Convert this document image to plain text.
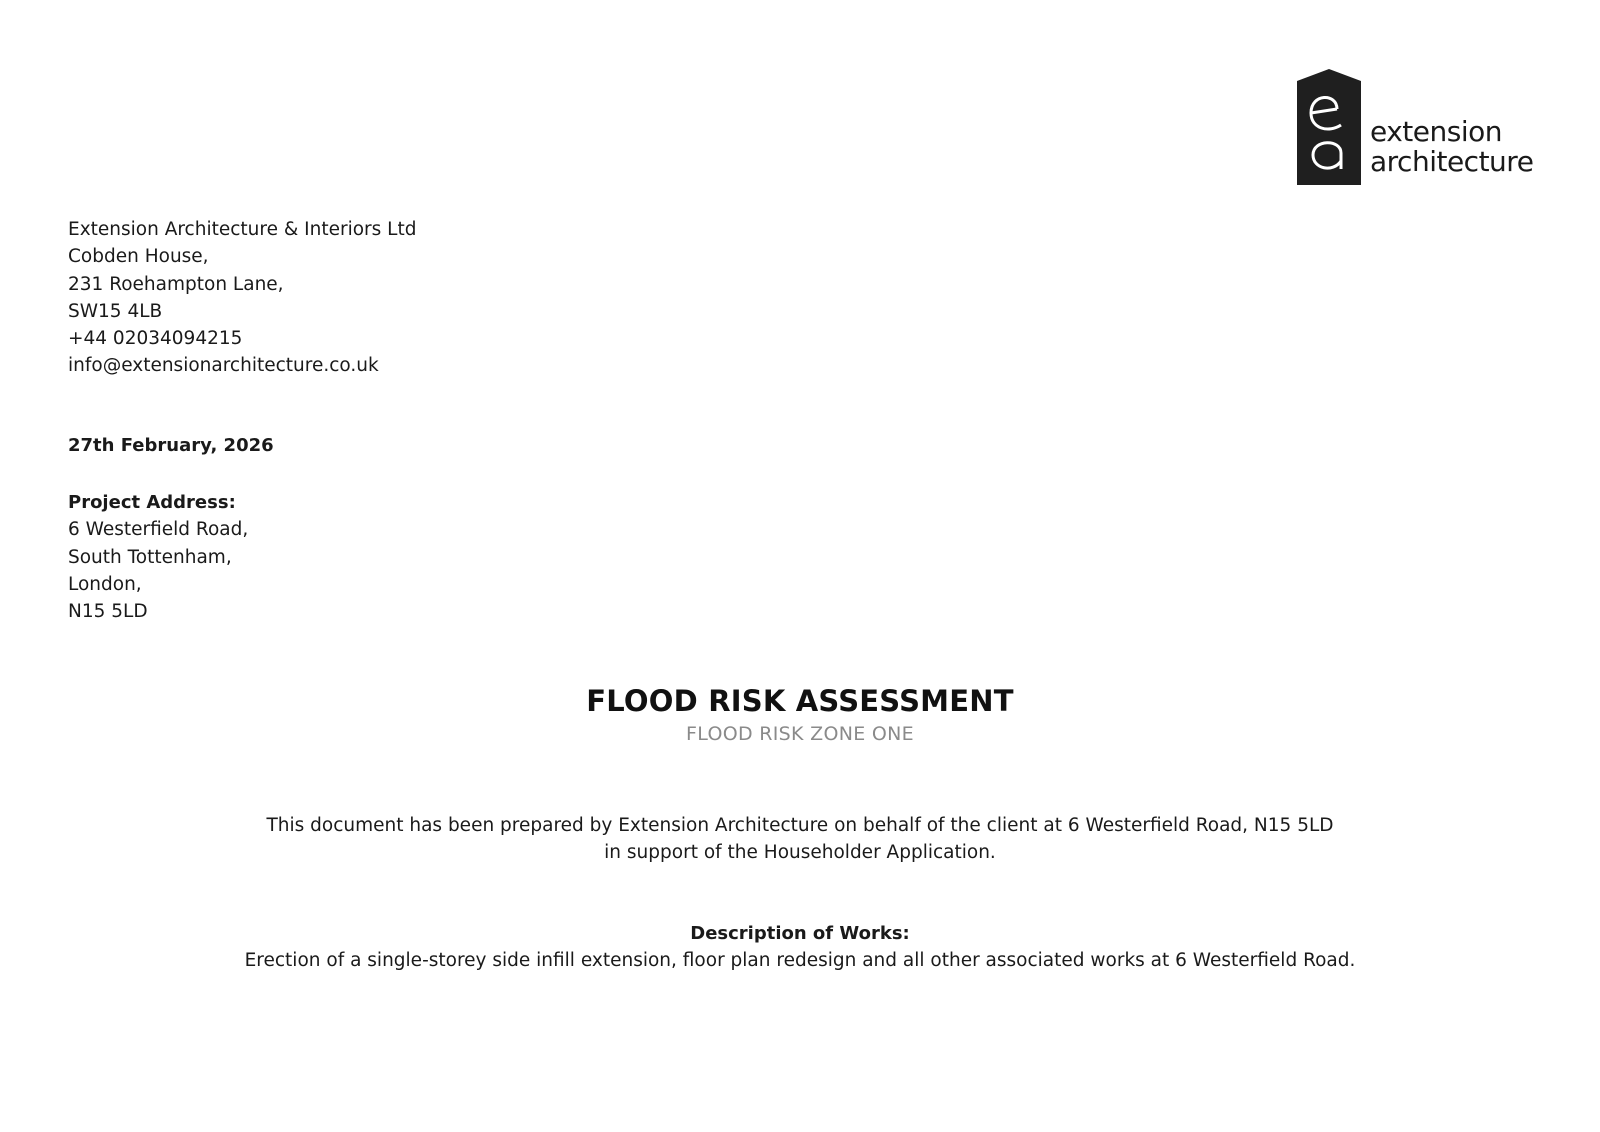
extension
architecture
Extension Architecture & Interiors Ltd
Cobden House,
231 Roehampton Lane,
SW15 4LB
+44 02034094215
info@extensionarchitecture.co.uk
27th February, 2026
Project Address:
6 Westerfield Road,
South Tottenham,
London,
N15 5LD
FLOOD RISK ASSESSMENT
FLOOD RISK ZONE ONE
This document has been prepared by Extension Architecture on behalf of the client at 6 Westerfield Road, N15 5LD
in support of the Householder Application.
Description of Works:
Erection of a single-storey side infill extension, floor plan redesign and all other associated works at 6 Westerfield Road.
